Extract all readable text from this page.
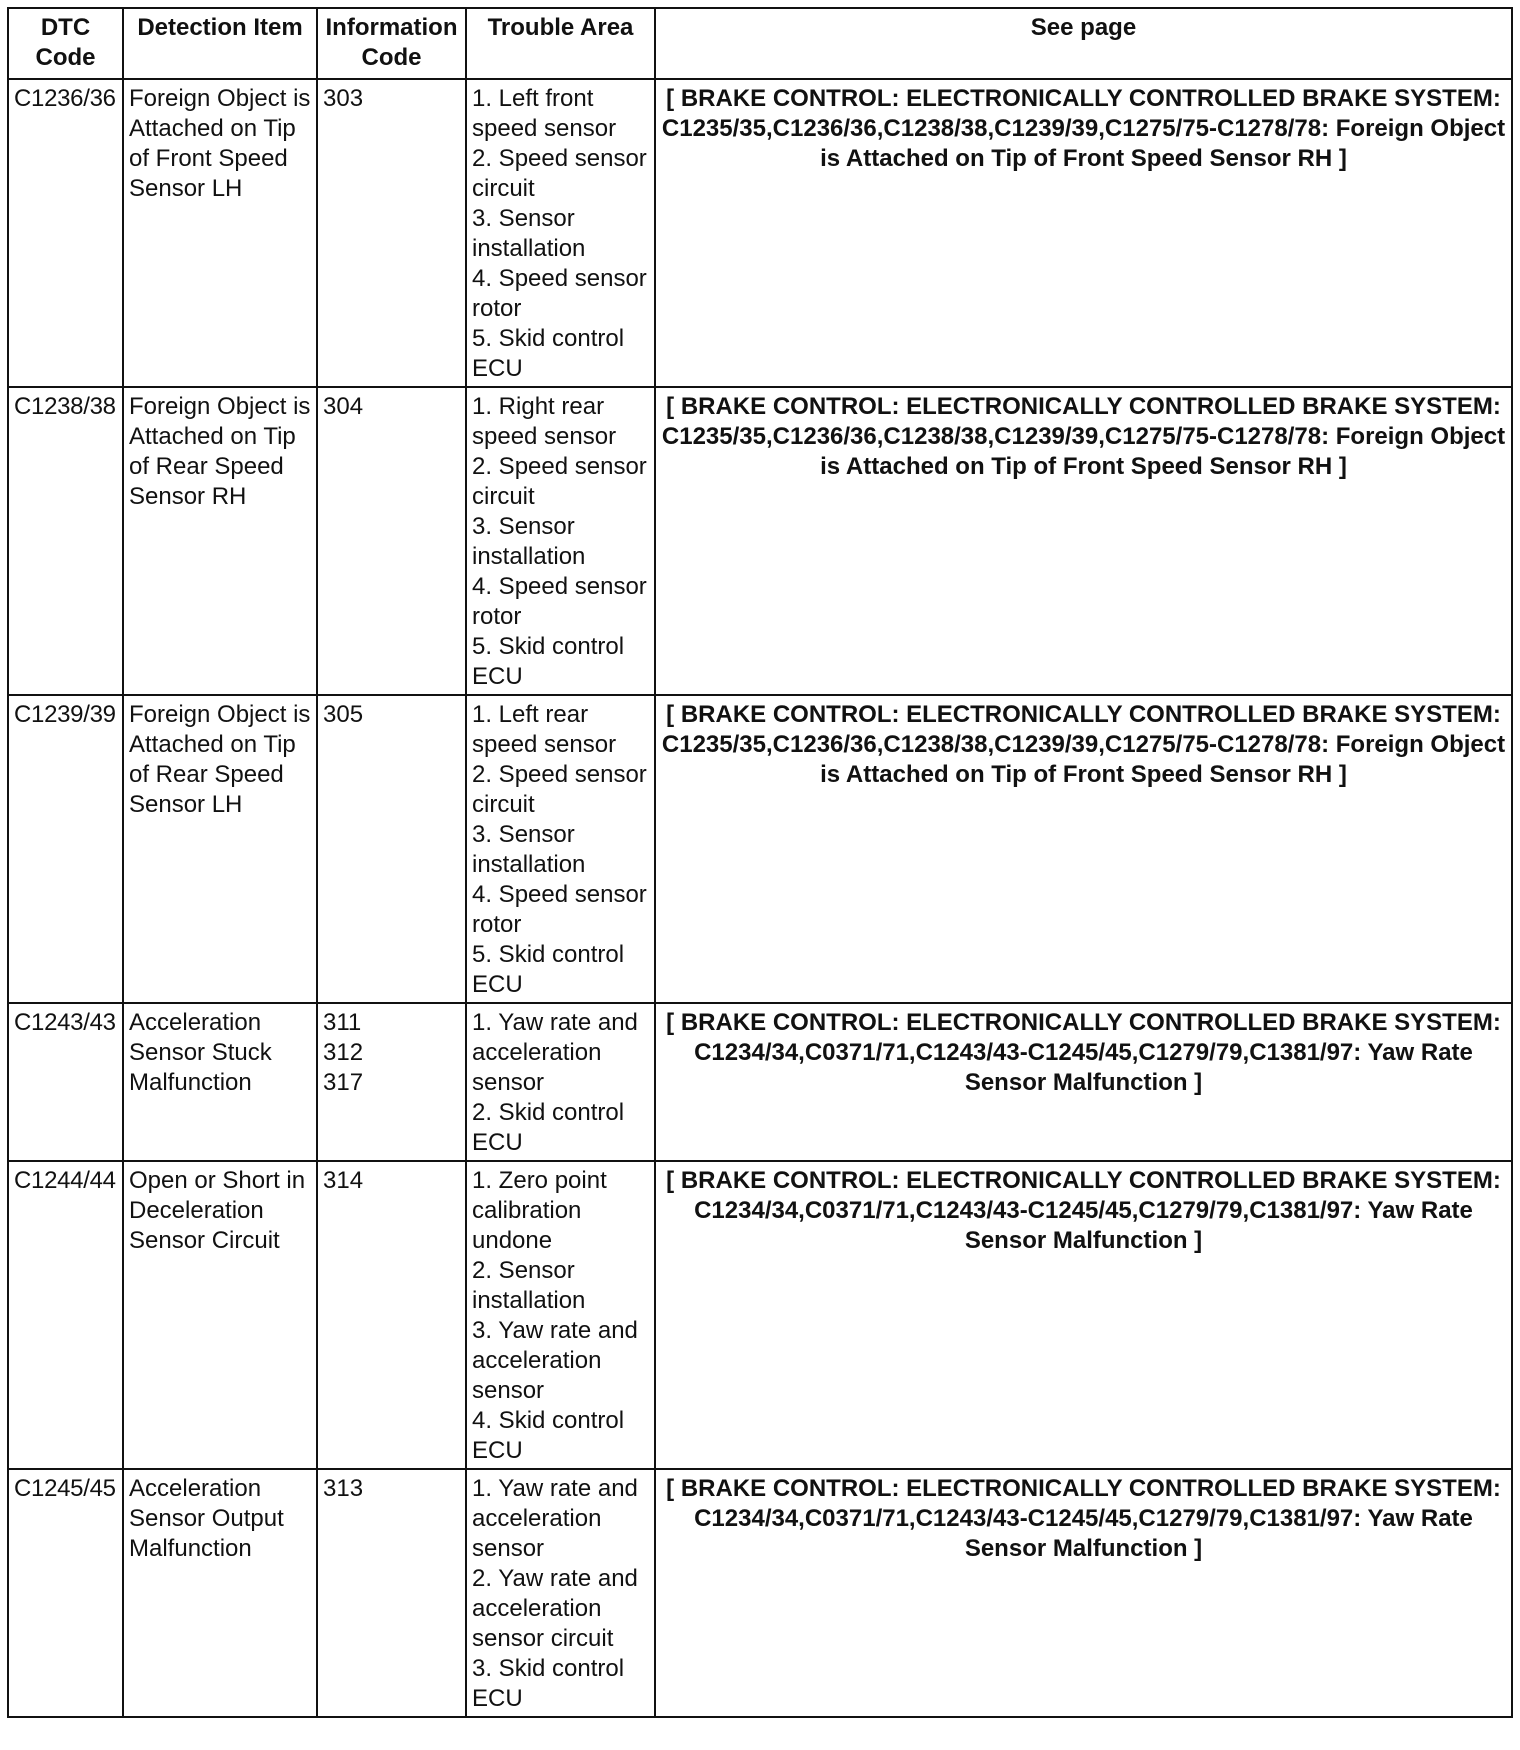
DTC Code	Detection Item	Information Code	Trouble Area	See page
C1236/36	Foreign Object is Attached on Tip of Front Speed Sensor LH	303	1. Left front speed sensor
2. Speed sensor circuit
3. Sensor installation
4. Speed sensor rotor
5. Skid control ECU	[ BRAKE CONTROL: ELECTRONICALLY CONTROLLED BRAKE SYSTEM: C1235/35,C1236/36,C1238/38,C1239/39,C1275/75-C1278/78: Foreign Object is Attached on Tip of Front Speed Sensor RH ]
C1238/38	Foreign Object is Attached on Tip of Rear Speed Sensor RH	304	1. Right rear speed sensor
2. Speed sensor circuit
3. Sensor installation
4. Speed sensor rotor
5. Skid control ECU	[ BRAKE CONTROL: ELECTRONICALLY CONTROLLED BRAKE SYSTEM: C1235/35,C1236/36,C1238/38,C1239/39,C1275/75-C1278/78: Foreign Object is Attached on Tip of Front Speed Sensor RH ]
C1239/39	Foreign Object is Attached on Tip of Rear Speed Sensor LH	305	1. Left rear speed sensor
2. Speed sensor circuit
3. Sensor installation
4. Speed sensor rotor
5. Skid control ECU	[ BRAKE CONTROL: ELECTRONICALLY CONTROLLED BRAKE SYSTEM: C1235/35,C1236/36,C1238/38,C1239/39,C1275/75-C1278/78: Foreign Object is Attached on Tip of Front Speed Sensor RH ]
C1243/43	Acceleration Sensor Stuck Malfunction	311
312
317	1. Yaw rate and acceleration sensor
2. Skid control ECU	[ BRAKE CONTROL: ELECTRONICALLY CONTROLLED BRAKE SYSTEM: C1234/34,C0371/71,C1243/43-C1245/45,C1279/79,C1381/97: Yaw Rate Sensor Malfunction ]
C1244/44	Open or Short in Deceleration Sensor Circuit	314	1. Zero point calibration undone
2. Sensor installation
3. Yaw rate and acceleration sensor
4. Skid control ECU	[ BRAKE CONTROL: ELECTRONICALLY CONTROLLED BRAKE SYSTEM: C1234/34,C0371/71,C1243/43-C1245/45,C1279/79,C1381/97: Yaw Rate Sensor Malfunction ]
C1245/45	Acceleration Sensor Output Malfunction	313	1. Yaw rate and acceleration sensor
2. Yaw rate and acceleration sensor circuit
3. Skid control ECU	[ BRAKE CONTROL: ELECTRONICALLY CONTROLLED BRAKE SYSTEM: C1234/34,C0371/71,C1243/43-C1245/45,C1279/79,C1381/97: Yaw Rate Sensor Malfunction ]
